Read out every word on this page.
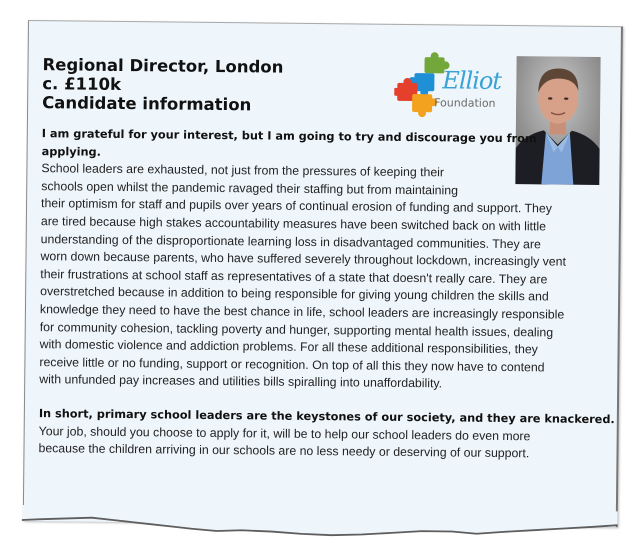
Regional Director, London
c. £110k
Candidate information
Elliot
Foundation
I am grateful for your interest, but I am going to try and discourage you from
applying.
School leaders are exhausted, not just from the pressures of keeping their
schools open whilst the pandemic ravaged their staffing but from maintaining
their optimism for staff and pupils over years of continual erosion of funding and support. They
are tired because high stakes accountability measures have been switched back on with little
understanding of the disproportionate learning loss in disadvantaged communities. They are
worn down because parents, who have suffered severely throughout lockdown, increasingly vent
their frustrations at school staff as representatives of a state that doesn't really care. They are
overstretched because in addition to being responsible for giving young children the skills and
knowledge they need to have the best chance in life, school leaders are increasingly responsible
for community cohesion, tackling poverty and hunger, supporting mental health issues, dealing
with domestic violence and addiction problems. For all these additional responsibilities, they
receive little or no funding, support or recognition. On top of all this they now have to contend
with unfunded pay increases and utilities bills spiralling into unaffordability.
In short, primary school leaders are the keystones of our society, and they are knackered.
Your job, should you choose to apply for it, will be to help our school leaders do even more
because the children arriving in our schools are no less needy or deserving of our support.
